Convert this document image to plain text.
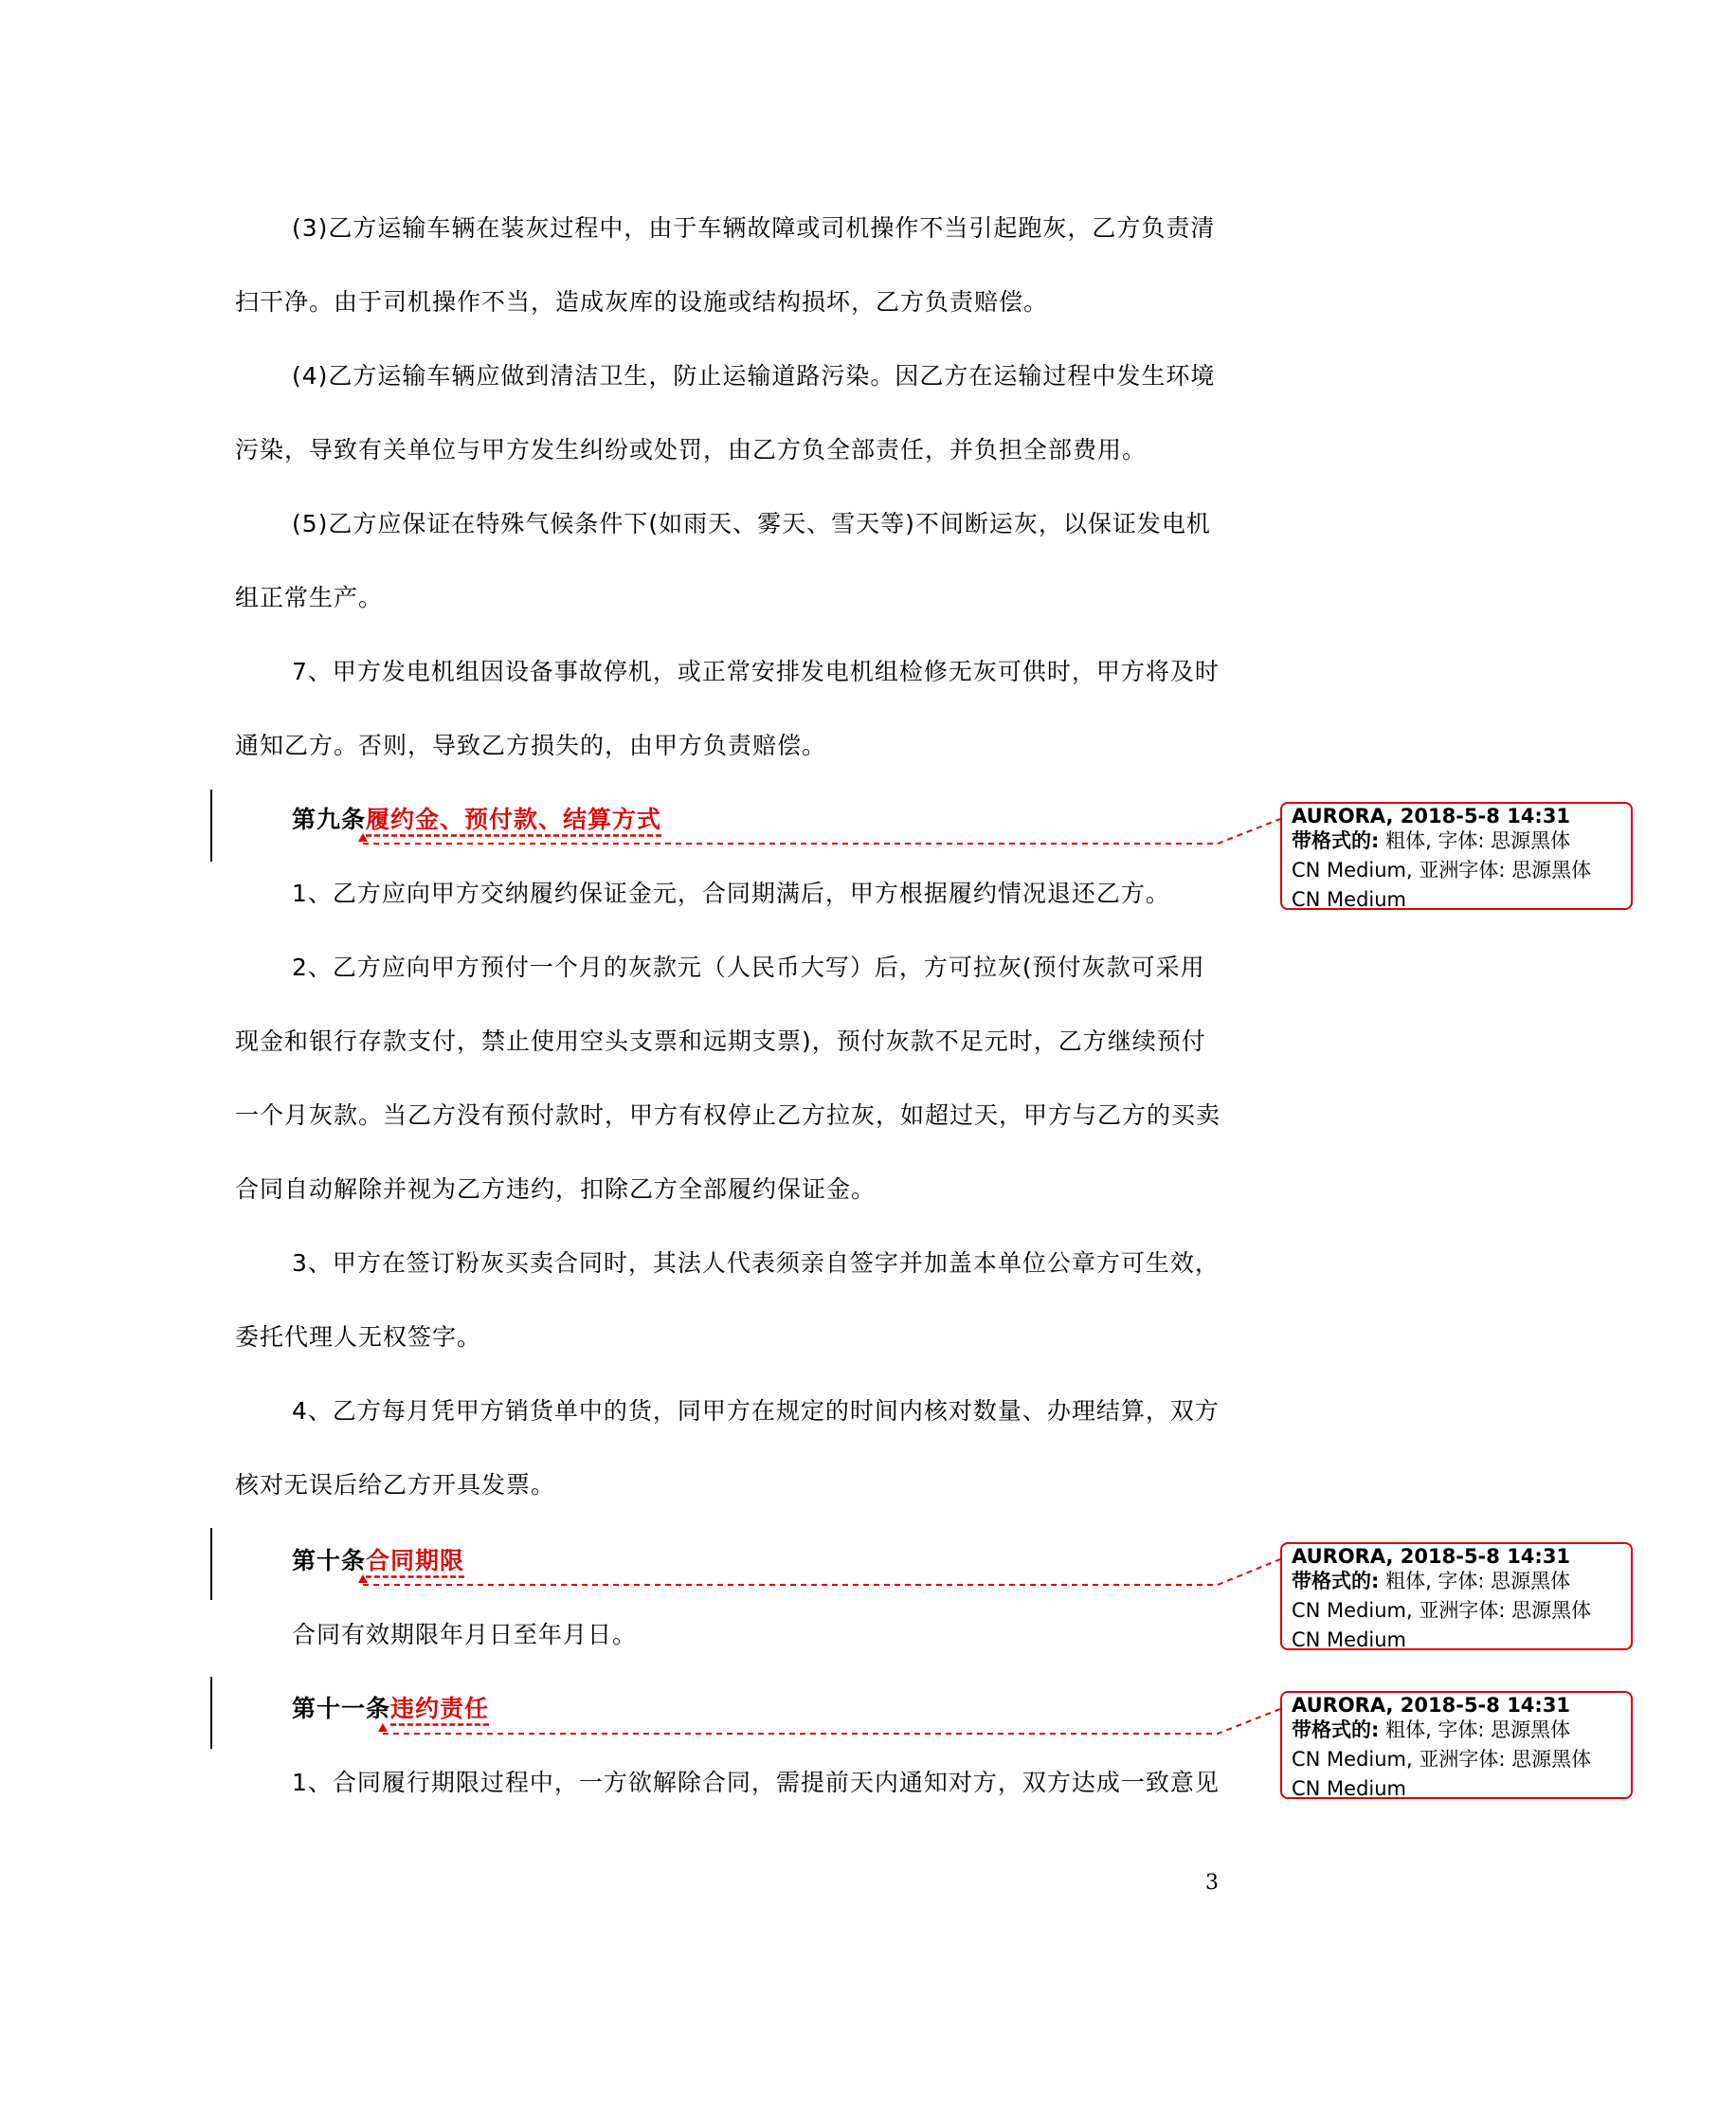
(3)乙方运输车辆在装灰过程中，由于车辆故障或司机操作不当引起跑灰，乙方负责清
扫干净。由于司机操作不当，造成灰库的设施或结构损坏，乙方负责赔偿。
(4)乙方运输车辆应做到清洁卫生，防止运输道路污染。因乙方在运输过程中发生环境
污染，导致有关单位与甲方发生纠纷或处罚，由乙方负全部责任，并负担全部费用。
(5)乙方应保证在特殊气候条件下(如雨天、雾天、雪天等)不间断运灰，以保证发电机
组正常生产。
7、甲方发电机组因设备事故停机，或正常安排发电机组检修无灰可供时，甲方将及时
通知乙方。否则，导致乙方损失的，由甲方负责赔偿。
第九条履约金、预付款、结算方式
1、乙方应向甲方交纳履约保证金元，合同期满后，甲方根据履约情况退还乙方。
2、乙方应向甲方预付一个月的灰款元（人民币大写）后，方可拉灰(预付灰款可采用
现金和银行存款支付，禁止使用空头支票和远期支票)，预付灰款不足元时，乙方继续预付
一个月灰款。当乙方没有预付款时，甲方有权停止乙方拉灰，如超过天，甲方与乙方的买卖
合同自动解除并视为乙方违约，扣除乙方全部履约保证金。
3、甲方在签订粉灰买卖合同时，其法人代表须亲自签字并加盖本单位公章方可生效，
委托代理人无权签字。
4、乙方每月凭甲方销货单中的货，同甲方在规定的时间内核对数量、办理结算，双方
核对无误后给乙方开具发票。
第十条合同期限
合同有效期限年月日至年月日。
第十一条违约责任
1、合同履行期限过程中，一方欲解除合同，需提前天内通知对方，双方达成一致意见
AURORA, 2018-5-8 14:31
带格式的: 粗体, 字体: 思源黑体
CN Medium, 亚洲字体: 思源黑体
CN Medium
AURORA, 2018-5-8 14:31
带格式的: 粗体, 字体: 思源黑体
CN Medium, 亚洲字体: 思源黑体
CN Medium
AURORA, 2018-5-8 14:31
带格式的: 粗体, 字体: 思源黑体
CN Medium, 亚洲字体: 思源黑体
CN Medium
3
